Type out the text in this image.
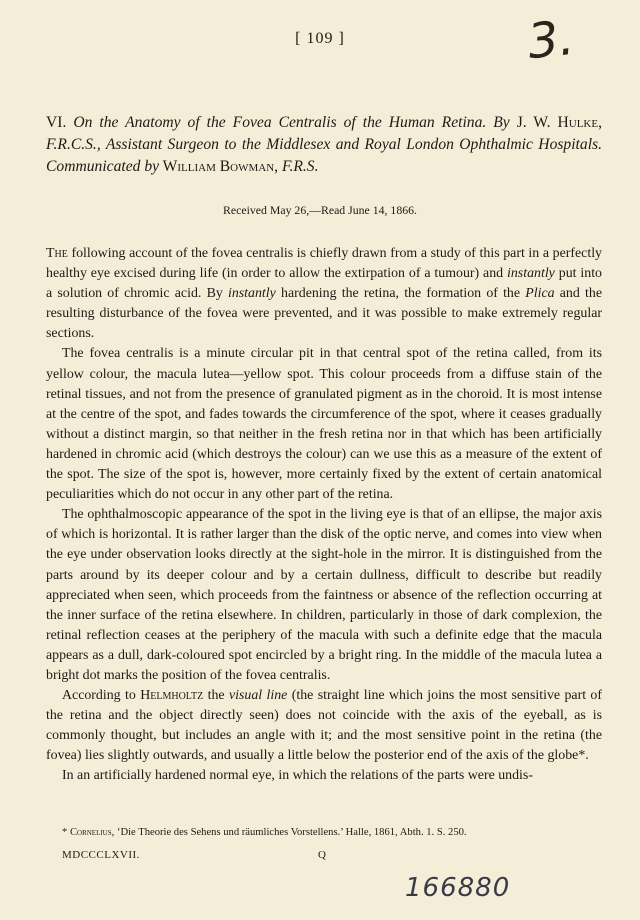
[ 109 ]	3.
VI. On the Anatomy of the Fovea Centralis of the Human Retina. By J. W. Hulke, F.R.C.S., Assistant Surgeon to the Middlesex and Royal London Ophthalmic Hospitals. Communicated by William Bowman, F.R.S.
Received May 26,—Read June 14, 1866.

The following account of the fovea centralis is chiefly drawn from a study of this part in a perfectly healthy eye excised during life (in order to allow the extirpation of a tumour) and instantly put into a solution of chromic acid. By instantly hardening the retina, the formation of the Plica and the resulting disturbance of the fovea were prevented, and it was possible to make extremely regular sections.

The fovea centralis is a minute circular pit in that central spot of the retina called, from its yellow colour, the macula lutea—yellow spot. This colour proceeds from a diffuse stain of the retinal tissues, and not from the presence of granulated pigment as in the choroid. It is most intense at the centre of the spot, and fades towards the circumference of the spot, where it ceases gradually without a distinct margin, so that neither in the fresh retina nor in that which has been artificially hardened in chromic acid (which destroys the colour) can we use this as a measure of the extent of the spot. The size of the spot is, however, more certainly fixed by the extent of certain anatomical peculiarities which do not occur in any other part of the retina.

The ophthalmoscopic appearance of the spot in the living eye is that of an ellipse, the major axis of which is horizontal. It is rather larger than the disk of the optic nerve, and comes into view when the eye under observation looks directly at the sight-hole in the mirror. It is distinguished from the parts around by its deeper colour and by a certain dullness, difficult to describe but readily appreciated when seen, which proceeds from the faintness or absence of the reflection occurring at the inner surface of the retina elsewhere. In children, particularly in those of dark complexion, the retinal reflection ceases at the periphery of the macula with such a definite edge that the macula appears as a dull, dark-coloured spot encircled by a bright ring. In the middle of the macula lutea a bright dot marks the position of the fovea centralis.

According to Helmholtz the visual line (the straight line which joins the most sensitive part of the retina and the object directly seen) does not coincide with the axis of the eyeball, as is commonly thought, but includes an angle with it; and the most sensitive point in the retina (the fovea) lies slightly outwards, and usually a little below the posterior end of the axis of the globe*.

In an artificially hardened normal eye, in which the relations of the parts were undis-

* Cornelius, ‘Die Theorie des Sehens und räumliches Vorstellens.’ Halle, 1861, Abth. 1. S. 250.
MDCCCLXVII.	Q
166880
